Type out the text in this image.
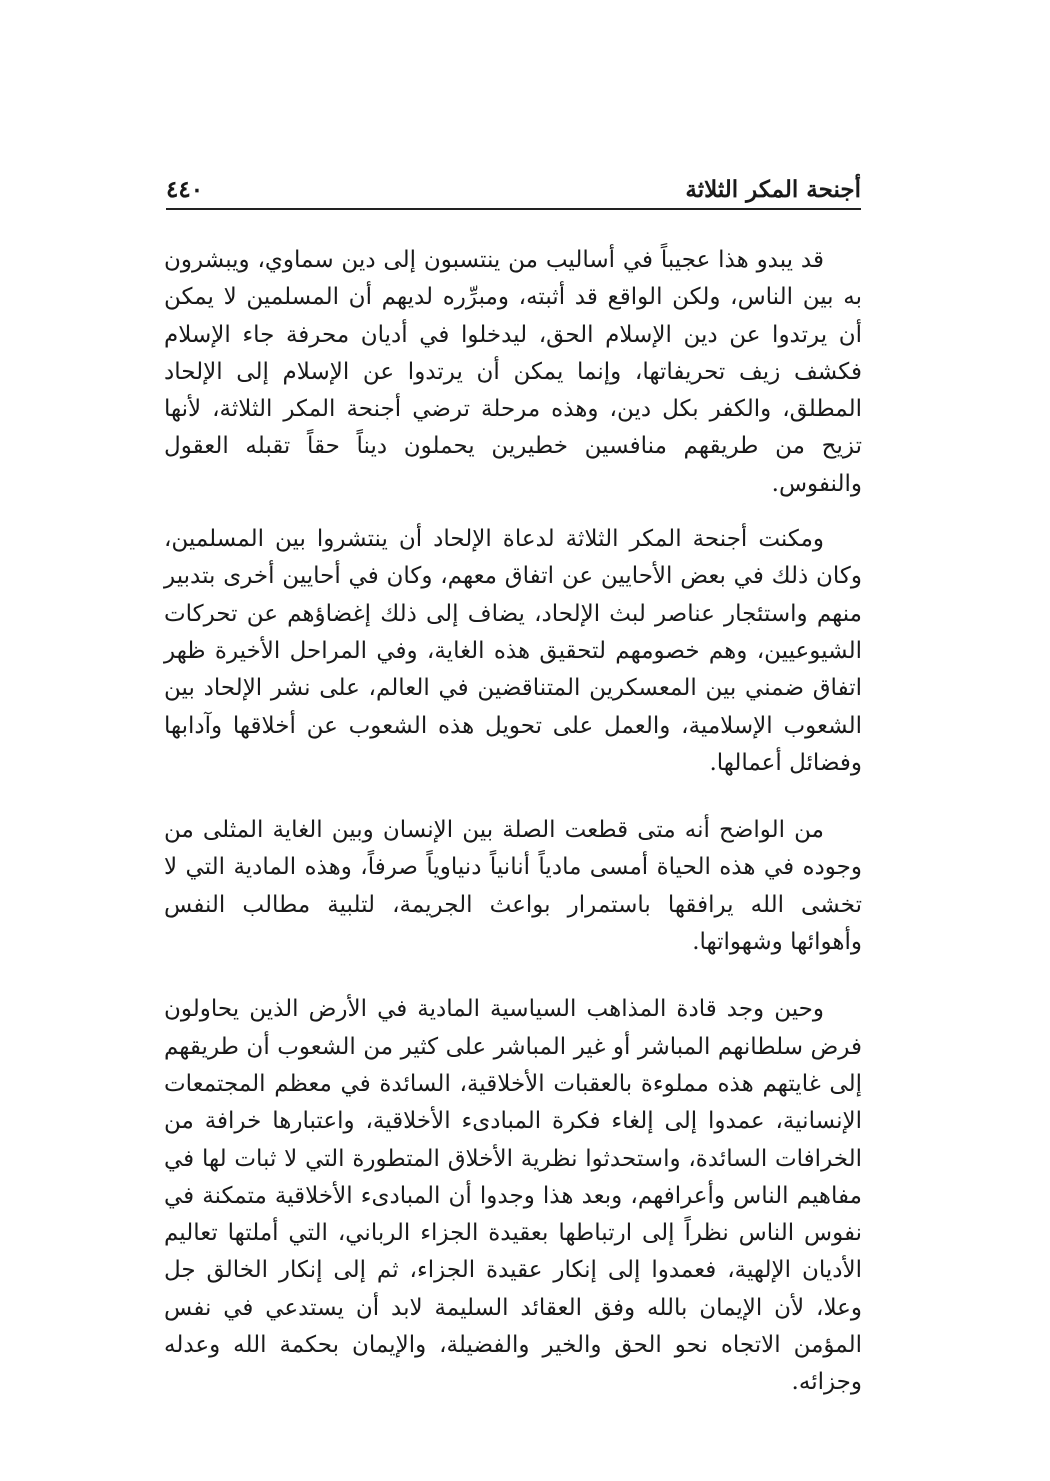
أجنحة المكر الثلاثة
٤٤٠

قد يبدو هذا عجيباً في أساليب من ينتسبون إلى دين سماوي، ويبشرون به بين الناس، ولكن الواقع قد أثبته، ومبرِّره لديهم أن المسلمين لا يمكن أن يرتدوا عن دين الإسلام الحق، ليدخلوا في أديان محرفة جاء الإسلام فكشف زيف تحريفاتها، وإنما يمكن أن يرتدوا عن الإسلام إلى الإلحاد المطلق، والكفر بكل دين، وهذه مرحلة ترضي أجنحة المكر الثلاثة، لأنها تزيح من طريقهم منافسين خطيرين يحملون ديناً حقاً تقبله العقول والنفوس.

ومكنت أجنحة المكر الثلاثة لدعاة الإلحاد أن ينتشروا بين المسلمين، وكان ذلك في بعض الأحايين عن اتفاق معهم، وكان في أحايين أخرى بتدبير منهم واستئجار عناصر لبث الإلحاد، يضاف إلى ذلك إغضاؤهم عن تحركات الشيوعيين، وهم خصومهم لتحقيق هذه الغاية، وفي المراحل الأخيرة ظهر اتفاق ضمني بين المعسكرين المتناقضين في العالم، على نشر الإلحاد بين الشعوب الإسلامية، والعمل على تحويل هذه الشعوب عن أخلاقها وآدابها وفضائل أعمالها.

من الواضح أنه متى قطعت الصلة بين الإنسان وبين الغاية المثلى من وجوده في هذه الحياة أمسى مادياً أنانياً دنياوياً صرفاً، وهذه المادية التي لا تخشى الله يرافقها باستمرار بواعث الجريمة، لتلبية مطالب النفس وأهوائها وشهواتها.

وحين وجد قادة المذاهب السياسية المادية في الأرض الذين يحاولون فرض سلطانهم المباشر أو غير المباشر على كثير من الشعوب أن طريقهم إلى غايتهم هذه مملوءة بالعقبات الأخلاقية، السائدة في معظم المجتمعات الإنسانية، عمدوا إلى إلغاء فكرة المبادىء الأخلاقية، واعتبارها خرافة من الخرافات السائدة، واستحدثوا نظرية الأخلاق المتطورة التي لا ثبات لها في مفاهيم الناس وأعرافهم، وبعد هذا وجدوا أن المبادىء الأخلاقية متمكنة في نفوس الناس نظراً إلى ارتباطها بعقيدة الجزاء الرباني، التي أملتها تعاليم الأديان الإلهية، فعمدوا إلى إنكار عقيدة الجزاء، ثم إلى إنكار الخالق جل وعلا، لأن الإيمان بالله وفق العقائد السليمة لابد أن يستدعي في نفس المؤمن الاتجاه نحو الحق والخير والفضيلة، والإيمان بحكمة الله وعدله وجزائه.
